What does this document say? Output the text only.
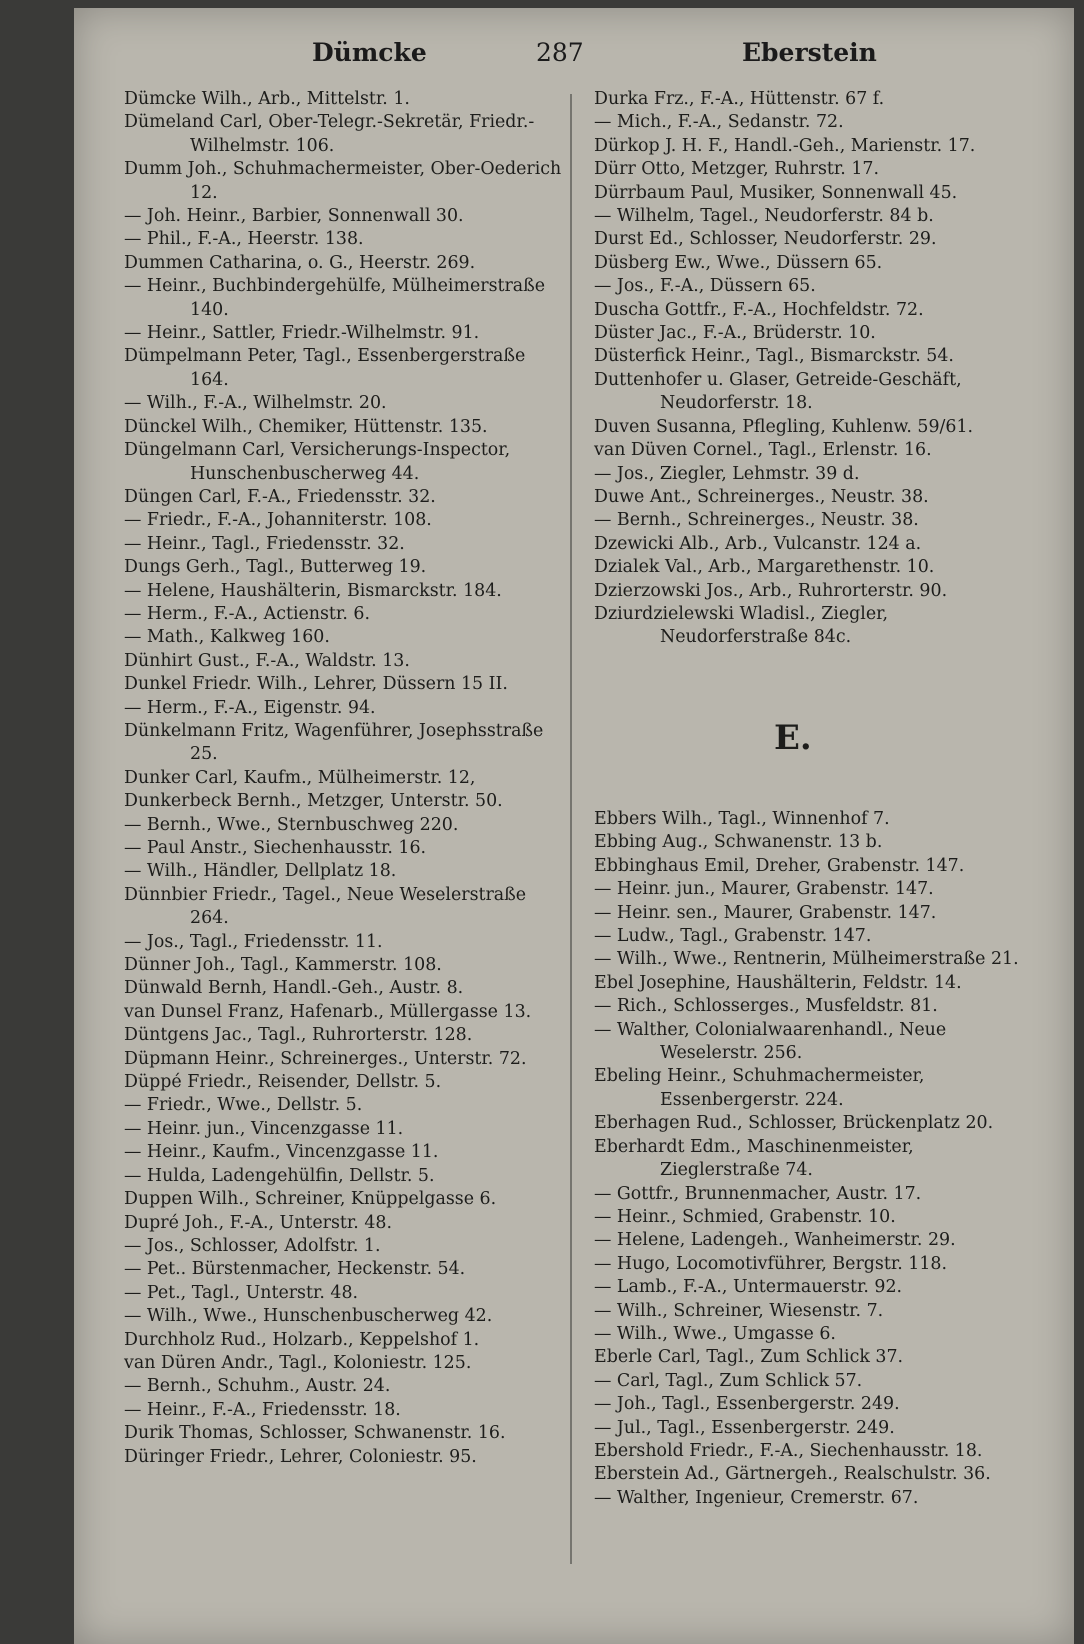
Dümcke	287	Eberstein
Dümcke Wilh., Arb., Mittelstr. 1.
Dümeland Carl, Ober-Telegr.-Sekretär, Friedr.-Wilhelmstr. 106.
Dumm Joh., Schuhmachermeister, Ober-Oederich 12.
— Joh. Heinr., Barbier, Sonnenwall 30.
— Phil., F.-A., Heerstr. 138.
Dummen Catharina, o. G., Heerstr. 269.
— Heinr., Buchbindergehülfe, Mülheimerstraße 140.
— Heinr., Sattler, Friedr.-Wilhelmstr. 91.
Dümpelmann Peter, Tagl., Essenbergerstraße 164.
— Wilh., F.-A., Wilhelmstr. 20.
Dünckel Wilh., Chemiker, Hüttenstr. 135.
Düngelmann Carl, Versicherungs-Inspector, Hunschenbuscherweg 44.
Düngen Carl, F.-A., Friedensstr. 32.
— Friedr., F.-A., Johanniterstr. 108.
— Heinr., Tagl., Friedensstr. 32.
Dungs Gerh., Tagl., Butterweg 19.
— Helene, Haushälterin, Bismarckstr. 184.
— Herm., F.-A., Actienstr. 6.
— Math., Kalkweg 160.
Dünhirt Gust., F.-A., Waldstr. 13.
Dunkel Friedr. Wilh., Lehrer, Düssern 15 II.
— Herm., F.-A., Eigenstr. 94.
Dünkelmann Fritz, Wagenführer, Josephsstraße 25.
Dunker Carl, Kaufm., Mülheimerstr. 12,
Dunkerbeck Bernh., Metzger, Unterstr. 50.
— Bernh., Wwe., Sternbuschweg 220.
— Paul Anstr., Siechenhausstr. 16.
— Wilh., Händler, Dellplatz 18.
Dünnbier Friedr., Tagel., Neue Weselerstraße 264.
— Jos., Tagl., Friedensstr. 11.
Dünner Joh., Tagl., Kammerstr. 108.
Dünwald Bernh, Handl.-Geh., Austr. 8.
van Dunsel Franz, Hafenarb., Müllergasse 13.
Düntgens Jac., Tagl., Ruhrorterstr. 128.
Düpmann Heinr., Schreinerges., Unterstr. 72.
Düppé Friedr., Reisender, Dellstr. 5.
— Friedr., Wwe., Dellstr. 5.
— Heinr. jun., Vincenzgasse 11.
— Heinr., Kaufm., Vincenzgasse 11.
— Hulda, Ladengehülfin, Dellstr. 5.
Duppen Wilh., Schreiner, Knüppelgasse 6.
Dupré Joh., F.-A., Unterstr. 48.
— Jos., Schlosser, Adolfstr. 1.
— Pet.. Bürstenmacher, Heckenstr. 54.
— Pet., Tagl., Unterstr. 48.
— Wilh., Wwe., Hunschenbuscherweg 42.
Durchholz Rud., Holzarb., Keppelshof 1.
van Düren Andr., Tagl., Koloniestr. 125.
— Bernh., Schuhm., Austr. 24.
— Heinr., F.-A., Friedensstr. 18.
Durik Thomas, Schlosser, Schwanenstr. 16.
Düringer Friedr., Lehrer, Coloniestr. 95.
Durka Frz., F.-A., Hüttenstr. 67 f.
— Mich., F.-A., Sedanstr. 72.
Dürkop J. H. F., Handl.-Geh., Marienstr. 17.
Dürr Otto, Metzger, Ruhrstr. 17.
Dürrbaum Paul, Musiker, Sonnenwall 45.
— Wilhelm, Tagel., Neudorferstr. 84 b.
Durst Ed., Schlosser, Neudorferstr. 29.
Düsberg Ew., Wwe., Düssern 65.
— Jos., F.-A., Düssern 65.
Duscha Gottfr., F.-A., Hochfeldstr. 72.
Düster Jac., F.-A., Brüderstr. 10.
Düsterfick Heinr., Tagl., Bismarckstr. 54.
Duttenhofer u. Glaser, Getreide-Geschäft, Neudorferstr. 18.
Duven Susanna, Pflegling, Kuhlenw. 59/61.
van Düven Cornel., Tagl., Erlenstr. 16.
— Jos., Ziegler, Lehmstr. 39 d.
Duwe Ant., Schreinerges., Neustr. 38.
— Bernh., Schreinerges., Neustr. 38.
Dzewicki Alb., Arb., Vulcanstr. 124 a.
Dzialek Val., Arb., Margarethenstr. 10.
Dzierzowski Jos., Arb., Ruhrorterstr. 90.
Dziurdzielewski Wladisl., Ziegler, Neudorferstraße 84c.
E.
Ebbers Wilh., Tagl., Winnenhof 7.
Ebbing Aug., Schwanenstr. 13 b.
Ebbinghaus Emil, Dreher, Grabenstr. 147.
— Heinr. jun., Maurer, Grabenstr. 147.
— Heinr. sen., Maurer, Grabenstr. 147.
— Ludw., Tagl., Grabenstr. 147.
— Wilh., Wwe., Rentnerin, Mülheimerstraße 21.
Ebel Josephine, Haushälterin, Feldstr. 14.
— Rich., Schlosserges., Musfeldstr. 81.
— Walther, Colonialwaarenhandl., Neue Weselerstr. 256.
Ebeling Heinr., Schuhmachermeister, Essenbergerstr. 224.
Eberhagen Rud., Schlosser, Brückenplatz 20.
Eberhardt Edm., Maschinenmeister, Zieglerstraße 74.
— Gottfr., Brunnenmacher, Austr. 17.
— Heinr., Schmied, Grabenstr. 10.
— Helene, Ladengeh., Wanheimerstr. 29.
— Hugo, Locomotivführer, Bergstr. 118.
— Lamb., F.-A., Untermauerstr. 92.
— Wilh., Schreiner, Wiesenstr. 7.
— Wilh., Wwe., Umgasse 6.
Eberle Carl, Tagl., Zum Schlick 37.
— Carl, Tagl., Zum Schlick 57.
— Joh., Tagl., Essenbergerstr. 249.
— Jul., Tagl., Essenbergerstr. 249.
Ebershold Friedr., F.-A., Siechenhausstr. 18.
Eberstein Ad., Gärtnergeh., Realschulstr. 36.
— Walther, Ingenieur, Cremerstr. 67.
